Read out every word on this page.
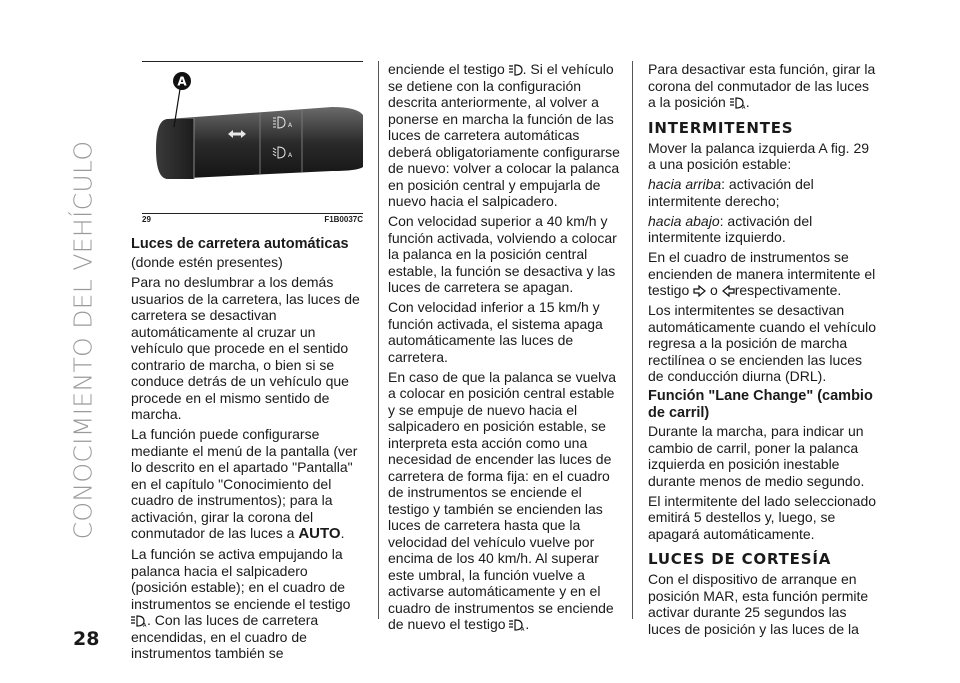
CONOCIMIENTO DEL VEHÍCULO
28
A
A
A
29	F1B0037C
Luces de carretera automáticas

(donde estén presentes)

Para no deslumbrar a los demás usuarios de la carretera, las luces de carretera se desactivan automáticamente al cruzar un vehículo que procede en el sentido contrario de marcha, o bien si se conduce detrás de un vehículo que procede en el mismo sentido de marcha.

La función puede configurarse mediante el menú de la pantalla (ver lo descrito en el apartado "Pantalla" en el capítulo "Conocimiento del cuadro de instrumentos); para la activación, girar la corona del conmutador de las luces a AUTO.

La función se activa empujando la palanca hacia el salpicadero (posición estable); en el cuadro de instrumentos se enciende el testigo
A . Con las luces de carretera encendidas, en el cuadro de instrumentos también se

enciende el testigo . Si el vehículo se detiene con la configuración descrita anteriormente, al volver a ponerse en marcha la función de las luces de carretera automáticas deberá obligatoriamente configurarse de nuevo: volver a colocar la palanca en posición central y empujarla de nuevo hacia el salpicadero.

Con velocidad superior a 40 km/h y función activada, volviendo a colocar la palanca en la posición central estable, la función se desactiva y las luces de carretera se apagan.

Con velocidad inferior a 15 km/h y función activada, el sistema apaga automáticamente las luces de carretera.

En caso de que la palanca se vuelva a colocar en posición central estable y se empuje de nuevo hacia el salpicadero en posición estable, se interpreta esta acción como una necesidad de encender las luces de carretera de forma fija: en el cuadro de instrumentos se enciende el testigo y también se encienden las luces de carretera hasta que la velocidad del vehículo vuelve por encima de los 40 km/h. Al superar este umbral, la función vuelve a activarse automáticamente y en el cuadro de instrumentos se enciende de nuevo el testigo	A .

Para desactivar esta función, girar la corona del conmutador de las luces a la posición	A .

INTERMITENTES

Mover la palanca izquierda A fig. 29 a una posición estable:

hacia arriba: activación del intermitente derecho;

hacia abajo: activación del intermitente izquierdo.

En el cuadro de instrumentos se encienden de manera intermitente el testigo o respectivamente.

Los intermitentes se desactivan automáticamente cuando el vehículo regresa a la posición de marcha rectilínea o se encienden las luces de conducción diurna (DRL).

Función "Lane Change" (cambio de carril)

Durante la marcha, para indicar un cambio de carril, poner la palanca izquierda en posición inestable durante menos de medio segundo.

El intermitente del lado seleccionado emitirá 5 destellos y, luego, se apagará automáticamente.

LUCES DE CORTESÍA

Con el dispositivo de arranque en posición MAR, esta función permite activar durante 25 segundos las luces de posición y las luces de la
